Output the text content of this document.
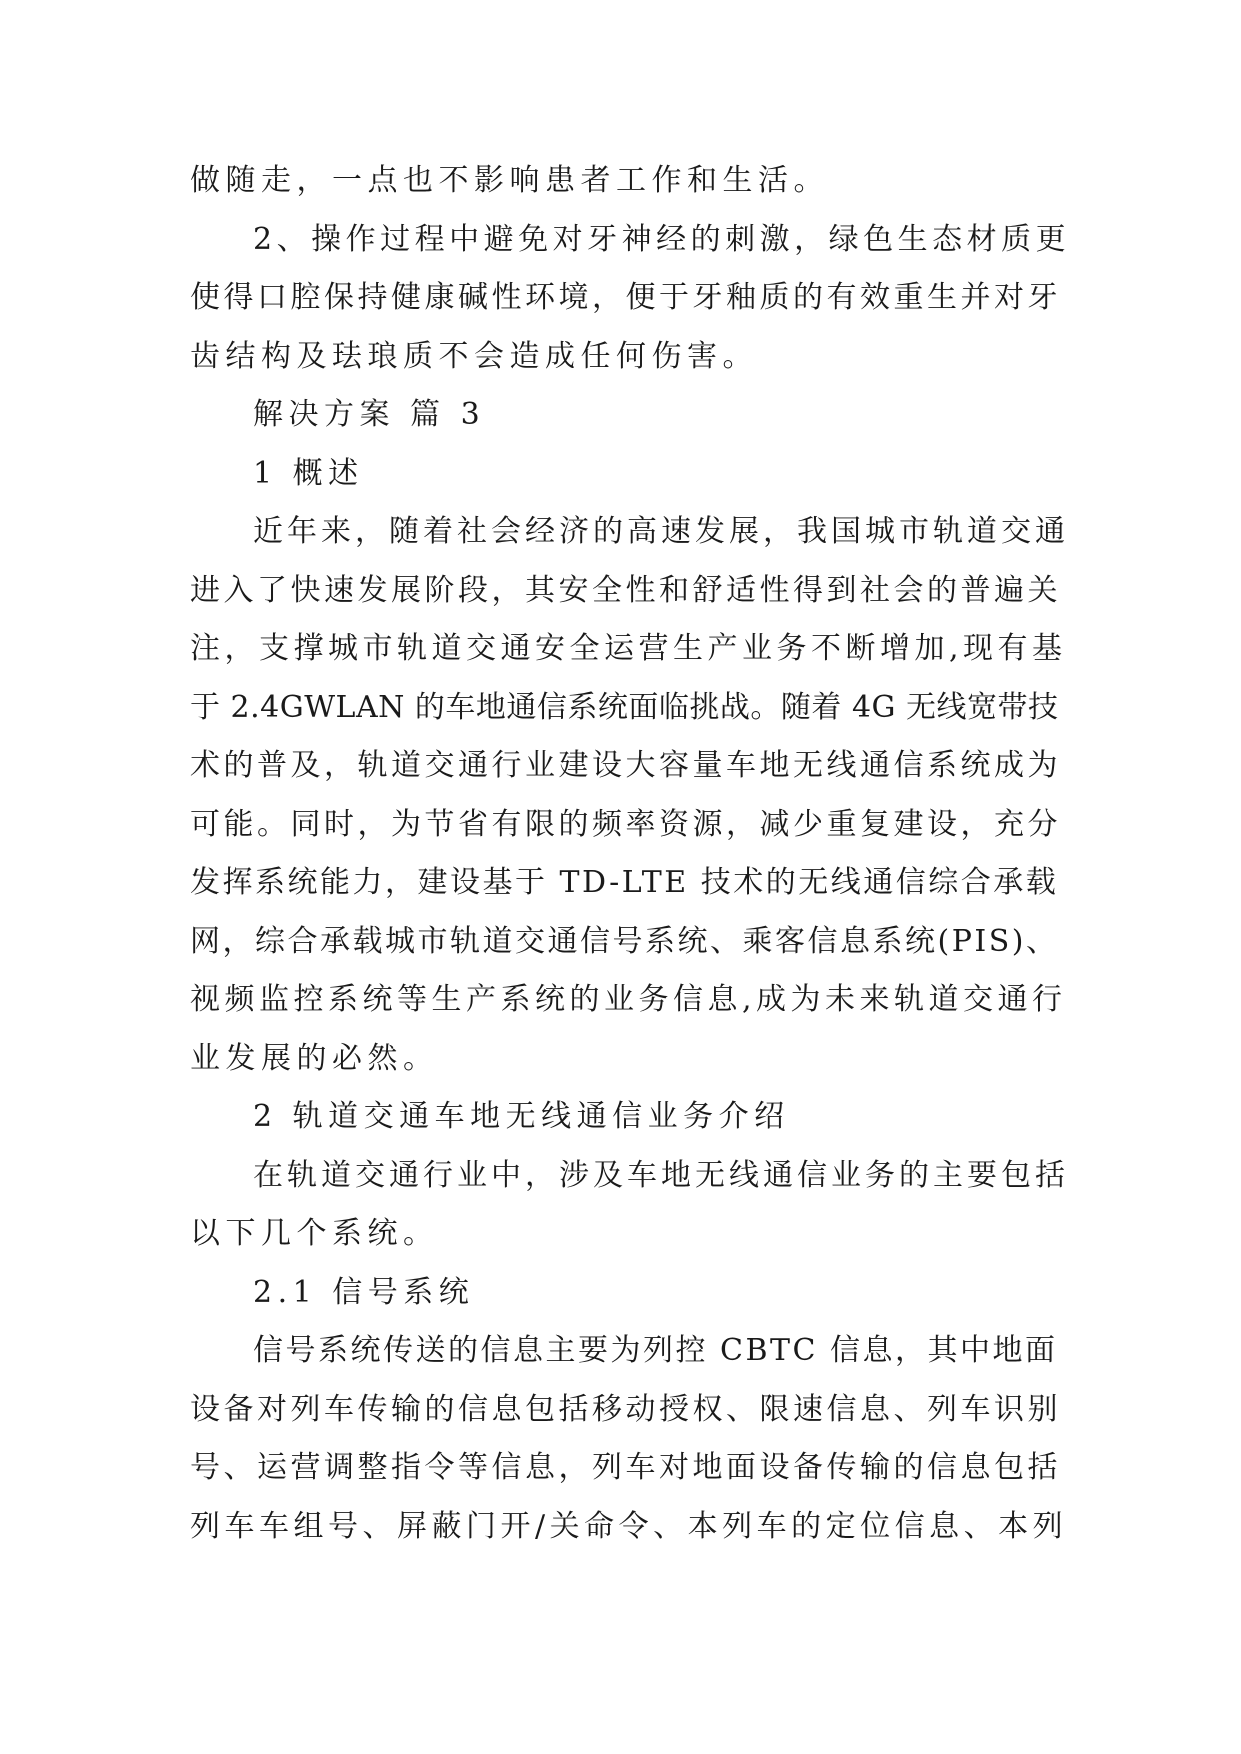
做随走，一点也不影响患者工作和生活。
2、操作过程中避免对牙神经的刺激，绿色生态材质更
使得口腔保持健康碱性环境，便于牙釉质的有效重生并对牙
齿结构及珐琅质不会造成任何伤害。
解决方案 篇 3
1 概述
近年来，随着社会经济的高速发展，我国城市轨道交通
进入了快速发展阶段，其安全性和舒适性得到社会的普遍关
注，支撑城市轨道交通安全运营生产业务不断增加,现有基
于 2.4GWLAN 的车地通信系统面临挑战。随着 4G 无线宽带技
术的普及，轨道交通行业建设大容量车地无线通信系统成为
可能。同时，为节省有限的频率资源，减少重复建设，充分
发挥系统能力，建设基于 TD-LTE 技术的无线通信综合承载
网，综合承载城市轨道交通信号系统、乘客信息系统(PIS)、
视频监控系统等生产系统的业务信息,成为未来轨道交通行
业发展的必然。
2 轨道交通车地无线通信业务介绍
在轨道交通行业中，涉及车地无线通信业务的主要包括
以下几个系统。
2.1 信号系统
信号系统传送的信息主要为列控 CBTC 信息，其中地面
设备对列车传输的信息包括移动授权、限速信息、列车识别
号、运营调整指令等信息，列车对地面设备传输的信息包括
列车车组号、屏蔽门开/关命令、本列车的定位信息、本列
